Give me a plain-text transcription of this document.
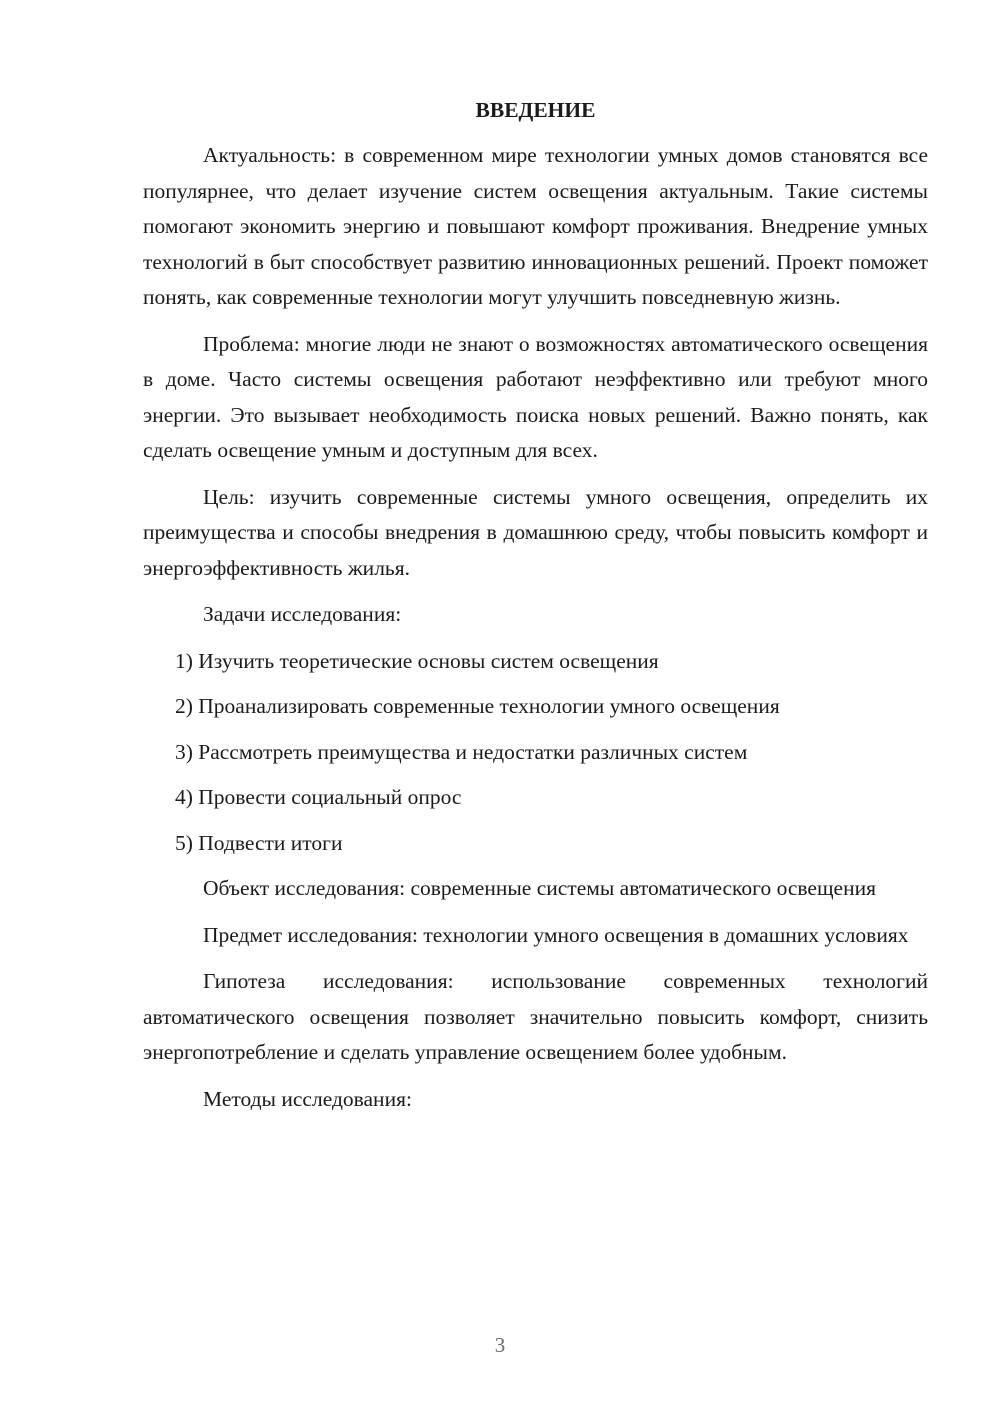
ВВЕДЕНИЕ

Актуальность: в современном мире технологии умных домов становятся все популярнее, что делает изучение систем освещения актуальным. Такие системы помогают экономить энергию и повышают комфорт проживания. Внедрение умных технологий в быт способствует развитию инновационных решений. Проект поможет понять, как современные технологии могут улучшить повседневную жизнь.

Проблема: многие люди не знают о возможностях автоматического освещения в доме. Часто системы освещения работают неэффективно или требуют много энергии. Это вызывает необходимость поиска новых решений. Важно понять, как сделать освещение умным и доступным для всех.

Цель: изучить современные системы умного освещения, определить их преимущества и способы внедрения в домашнюю среду, чтобы повысить комфорт и энергоэффективность жилья.

Задачи исследования:

1) Изучить теоретические основы систем освещения
2) Проанализировать современные технологии умного освещения
3) Рассмотреть преимущества и недостатки различных систем
4) Провести социальный опрос
5) Подвести итоги

Объект исследования: современные системы автоматического освещения

Предмет исследования: технологии умного освещения в домашних условиях

Гипотеза исследования: использование современных технологий автоматического освещения позволяет значительно повысить комфорт, снизить энергопотребление и сделать управление освещением более удобным.

Методы исследования:

3
